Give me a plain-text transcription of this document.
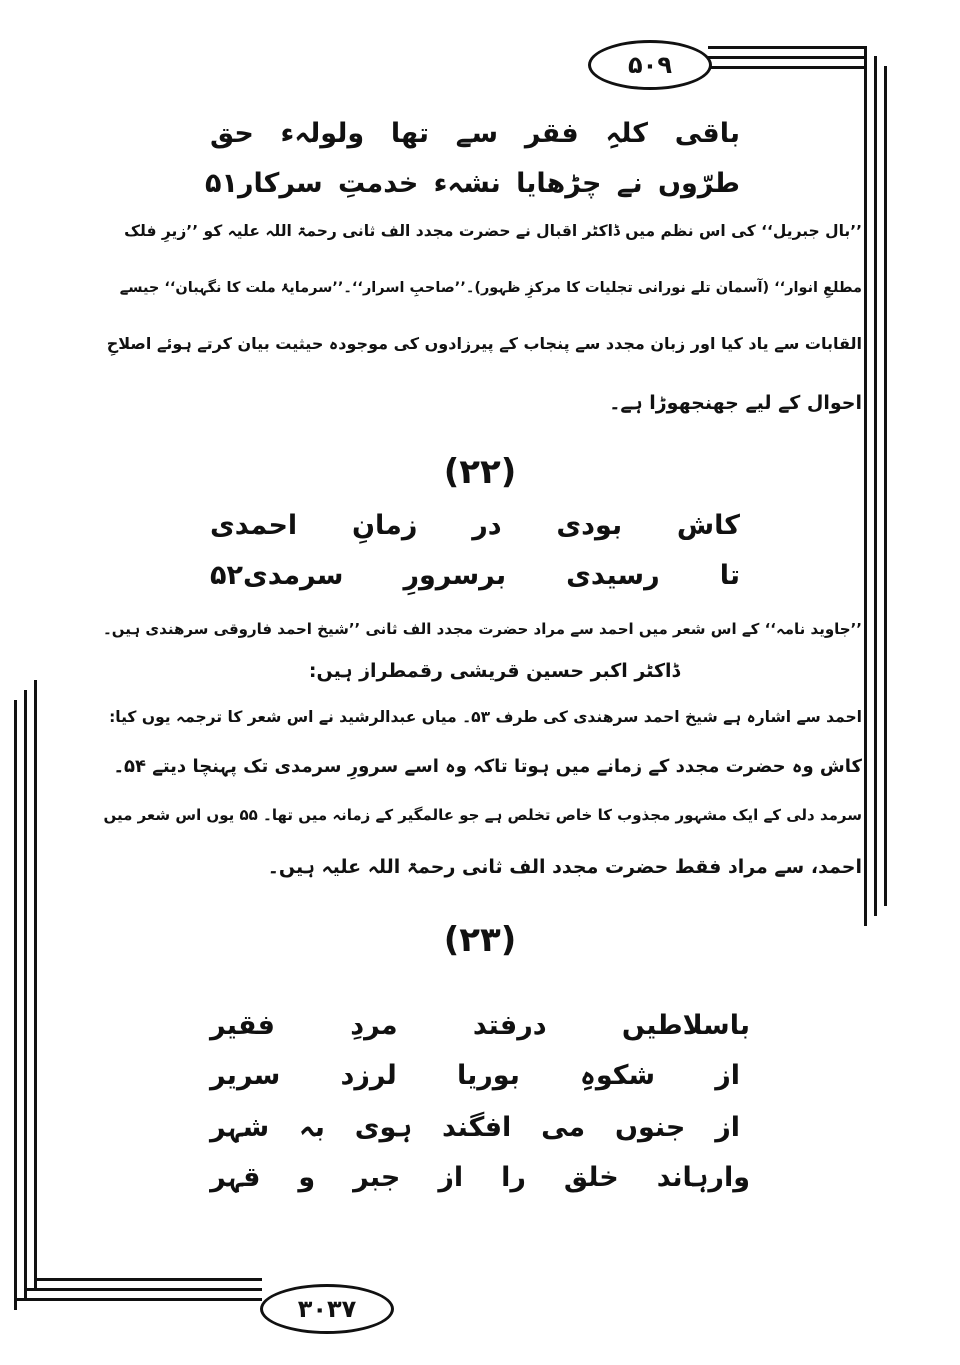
۵۰۹
باقی
کلہِ
فقر
سے
تھا
ولولہء
حق
طرّوں
نے
چڑھایا
نشہء
خدمتِ
سرکار۵۱
’’بال جبریل‘‘ کی اس نظم میں ڈاکٹر اقبال نے حضرت مجدد الف ثانی رحمۃ اللہ علیہ کو ’’زیرِ فلک
مطلعِ انوار‘‘ (آسمان تلے نورانی تجلیات کا مرکزِ ظہور)۔’’صاحبِ اسرار‘‘۔’’سرمایۂ ملت کا نگہبان‘‘ جیسے
القابات سے یاد کیا اور زبان مجدد سے پنجاب کے پیرزادوں کی موجودہ حیثیت بیان کرتے ہوئے اصلاحِ
احوال کے لیے جھنجھوڑا ہے۔
(۲۲)
کاش
بودی
در
زمانِ
احمدی
تا
رسیدی
برسرورِ
سرمدی۵۲
’’جاوید نامہ‘‘ کے اس شعر میں احمد سے مراد حضرت مجدد الف ثانی ’’شیخ احمد فاروقی سرھندی ہیں۔
ڈاکٹر اکبر حسین قریشی رقمطراز ہیں:
احمد سے اشارہ ہے شیخ احمد سرھندی کی طرف ۵۳۔ میاں عبدالرشید نے اس شعر کا ترجمہ یوں کیا:
کاش وہ حضرت مجدد کے زمانے میں ہوتا تاکہ وہ اسے سرورِ سرمدی تک پہنچا دیتے ۵۴۔
سرمد دلی کے ایک مشہور مجذوب کا خاص تخلص ہے جو عالمگیر کے زمانہ میں تھا۔ ۵۵ یوں اس شعر میں
احمد، سے مراد فقط حضرت مجدد الف ثانی رحمۃ اللہ علیہ ہیں۔
(۲۳)
باسلاطیں
درفتد
مردِ
فقیر
از
شکوہِ
بوریا
لرزد
سریر
از
جنوں
می
افگند
ہوی
بہ
شہر
وارہاند
خلق
را
از
جبر
و
قہر
۳۰۳۷
